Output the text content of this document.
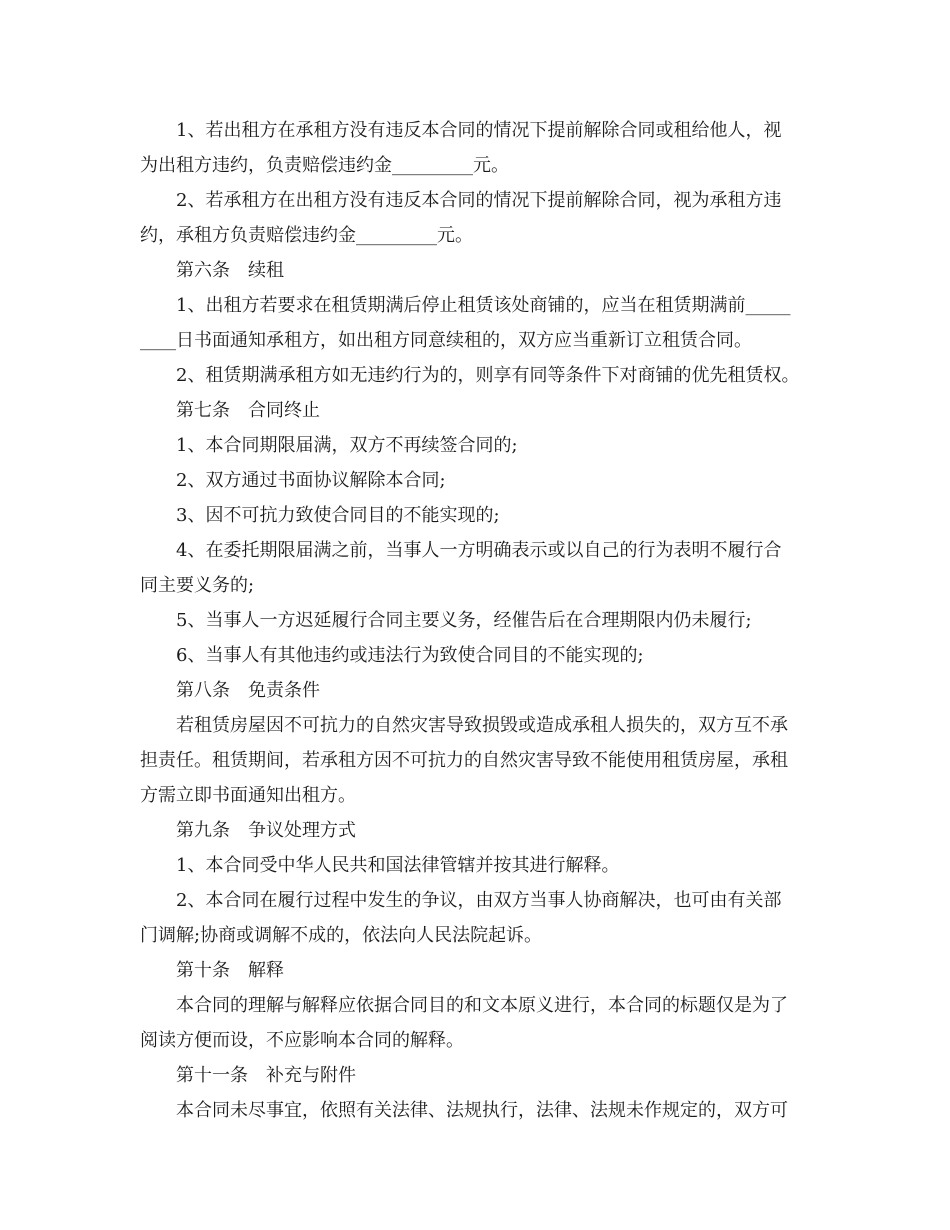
1、若出租方在承租方没有违反本合同的情况下提前解除合同或租给他人，视
为出租方违约，负责赔偿违约金_________元。
2、若承租方在出租方没有违反本合同的情况下提前解除合同，视为承租方违
约，承租方负责赔偿违约金_________元。
第六条　续租
1、出租方若要求在租赁期满后停止租赁该处商铺的，应当在租赁期满前_____
____日书面通知承租方，如出租方同意续租的，双方应当重新订立租赁合同。
2、租赁期满承租方如无违约行为的，则享有同等条件下对商铺的优先租赁权。
第七条　合同终止
1、本合同期限届满，双方不再续签合同的;
2、双方通过书面协议解除本合同;
3、因不可抗力致使合同目的不能实现的;
4、在委托期限届满之前，当事人一方明确表示或以自己的行为表明不履行合
同主要义务的;
5、当事人一方迟延履行合同主要义务，经催告后在合理期限内仍未履行;
6、当事人有其他违约或违法行为致使合同目的不能实现的;
第八条　免责条件
若租赁房屋因不可抗力的自然灾害导致损毁或造成承租人损失的，双方互不承
担责任。租赁期间，若承租方因不可抗力的自然灾害导致不能使用租赁房屋，承租
方需立即书面通知出租方。
第九条　争议处理方式
1、本合同受中华人民共和国法律管辖并按其进行解释。
2、本合同在履行过程中发生的争议，由双方当事人协商解决，也可由有关部
门调解;协商或调解不成的，依法向人民法院起诉。
第十条　解释
本合同的理解与解释应依据合同目的和文本原义进行，本合同的标题仅是为了
阅读方便而设，不应影响本合同的解释。
第十一条　补充与附件
本合同未尽事宜，依照有关法律、法规执行，法律、法规未作规定的，双方可
